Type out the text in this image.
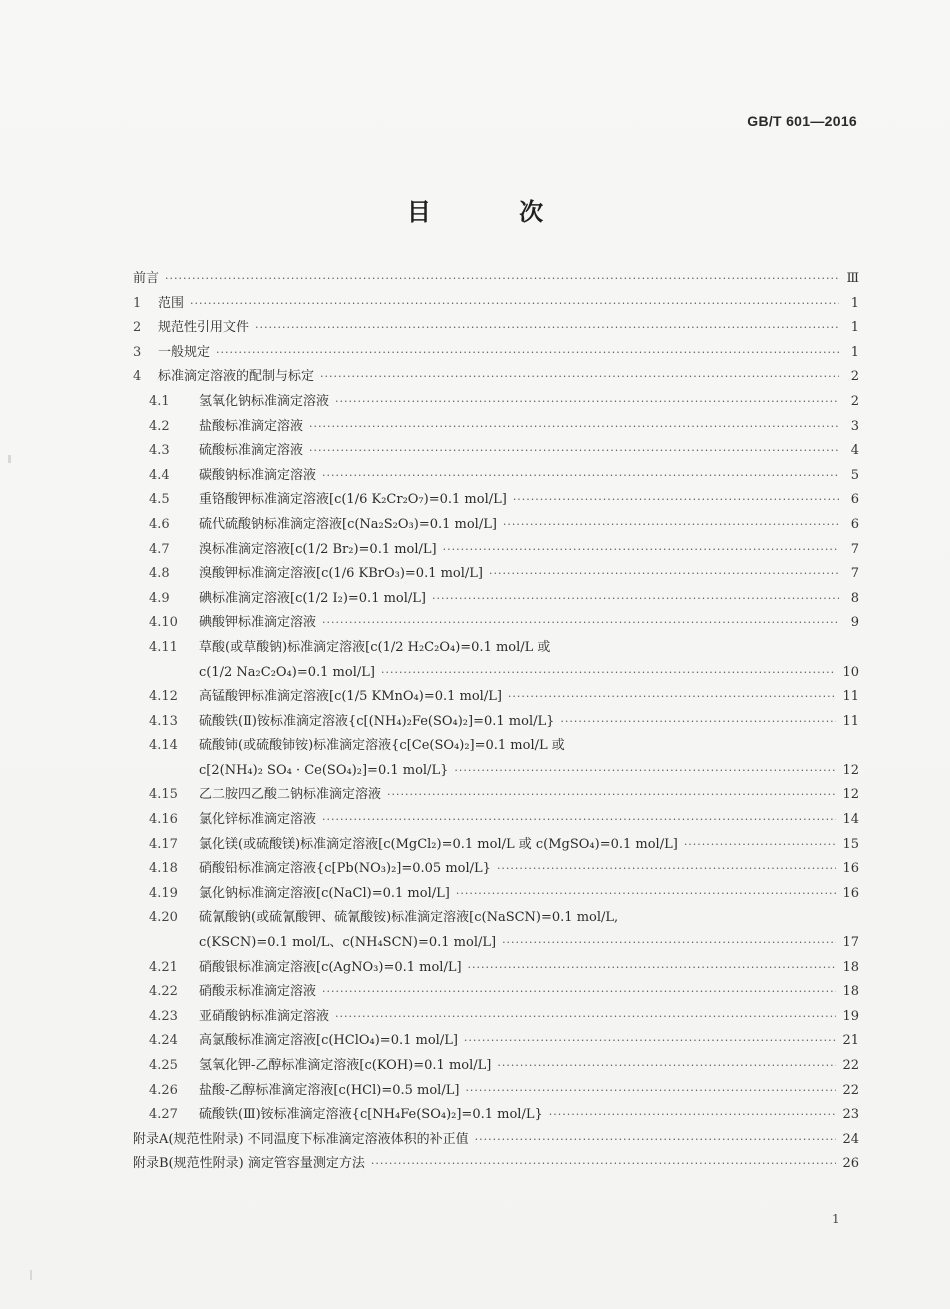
GB/T 601—2016
目 次
前言 ·····	Ⅲ
1	范围 ·····	1
2	规范性引用文件 ·····	1
3	一般规定 ·····	1
4	标准滴定溶液的配制与标定 ·····	2
4.1	氢氧化钠标准滴定溶液 ·····	2
4.2	盐酸标准滴定溶液 ·····	3
4.3	硫酸标准滴定溶液 ·····	4
4.4	碳酸钠标准滴定溶液 ·····	5
4.5	重铬酸钾标准滴定溶液[c(1/6 K₂Cr₂O₇)=0.1 mol/L] ·····	6
4.6	硫代硫酸钠标准滴定溶液[c(Na₂S₂O₃)=0.1 mol/L] ·····	6
4.7	溴标准滴定溶液[c(1/2 Br₂)=0.1 mol/L] ·····	7
4.8	溴酸钾标准滴定溶液[c(1/6 KBrO₃)=0.1 mol/L] ·····	7
4.9	碘标准滴定溶液[c(1/2 I₂)=0.1 mol/L] ·····	8
4.10	碘酸钾标准滴定溶液 ·····	9
4.11	草酸(或草酸钠)标准滴定溶液[c(1/2 H₂C₂O₄)=0.1 mol/L 或
c(1/2 Na₂C₂O₄)=0.1 mol/L] ·····	10
4.12	高锰酸钾标准滴定溶液[c(1/5 KMnO₄)=0.1 mol/L] ·····	11
4.13	硫酸铁(Ⅱ)铵标准滴定溶液{c[(NH₄)₂Fe(SO₄)₂]=0.1 mol/L} ·····	11
4.14	硫酸铈(或硫酸铈铵)标准滴定溶液{c[Ce(SO₄)₂]=0.1 mol/L 或
c[2(NH₄)₂ SO₄ · Ce(SO₄)₂]=0.1 mol/L} ·····	12
4.15	乙二胺四乙酸二钠标准滴定溶液 ·····	12
4.16	氯化锌标准滴定溶液 ·····	14
4.17	氯化镁(或硫酸镁)标准滴定溶液[c(MgCl₂)=0.1 mol/L 或 c(MgSO₄)=0.1 mol/L] ·····	15
4.18	硝酸铅标准滴定溶液{c[Pb(NO₃)₂]=0.05 mol/L} ·····	16
4.19	氯化钠标准滴定溶液[c(NaCl)=0.1 mol/L] ·····	16
4.20	硫氰酸钠(或硫氰酸钾、硫氰酸铵)标准滴定溶液[c(NaSCN)=0.1 mol/L,
c(KSCN)=0.1 mol/L、c(NH₄SCN)=0.1 mol/L] ·····	17
4.21	硝酸银标准滴定溶液[c(AgNO₃)=0.1 mol/L] ·····	18
4.22	硝酸汞标准滴定溶液 ·····	18
4.23	亚硝酸钠标准滴定溶液 ·····	19
4.24	高氯酸标准滴定溶液[c(HClO₄)=0.1 mol/L] ·····	21
4.25	氢氧化钾-乙醇标准滴定溶液[c(KOH)=0.1 mol/L] ·····	22
4.26	盐酸-乙醇标准滴定溶液[c(HCl)=0.5 mol/L] ·····	22
4.27	硫酸铁(Ⅲ)铵标准滴定溶液{c[NH₄Fe(SO₄)₂]=0.1 mol/L} ·····	23
附录A(规范性附录) 不同温度下标准滴定溶液体积的补正值 ·····	24
附录B(规范性附录) 滴定管容量测定方法 ·····	26
1
